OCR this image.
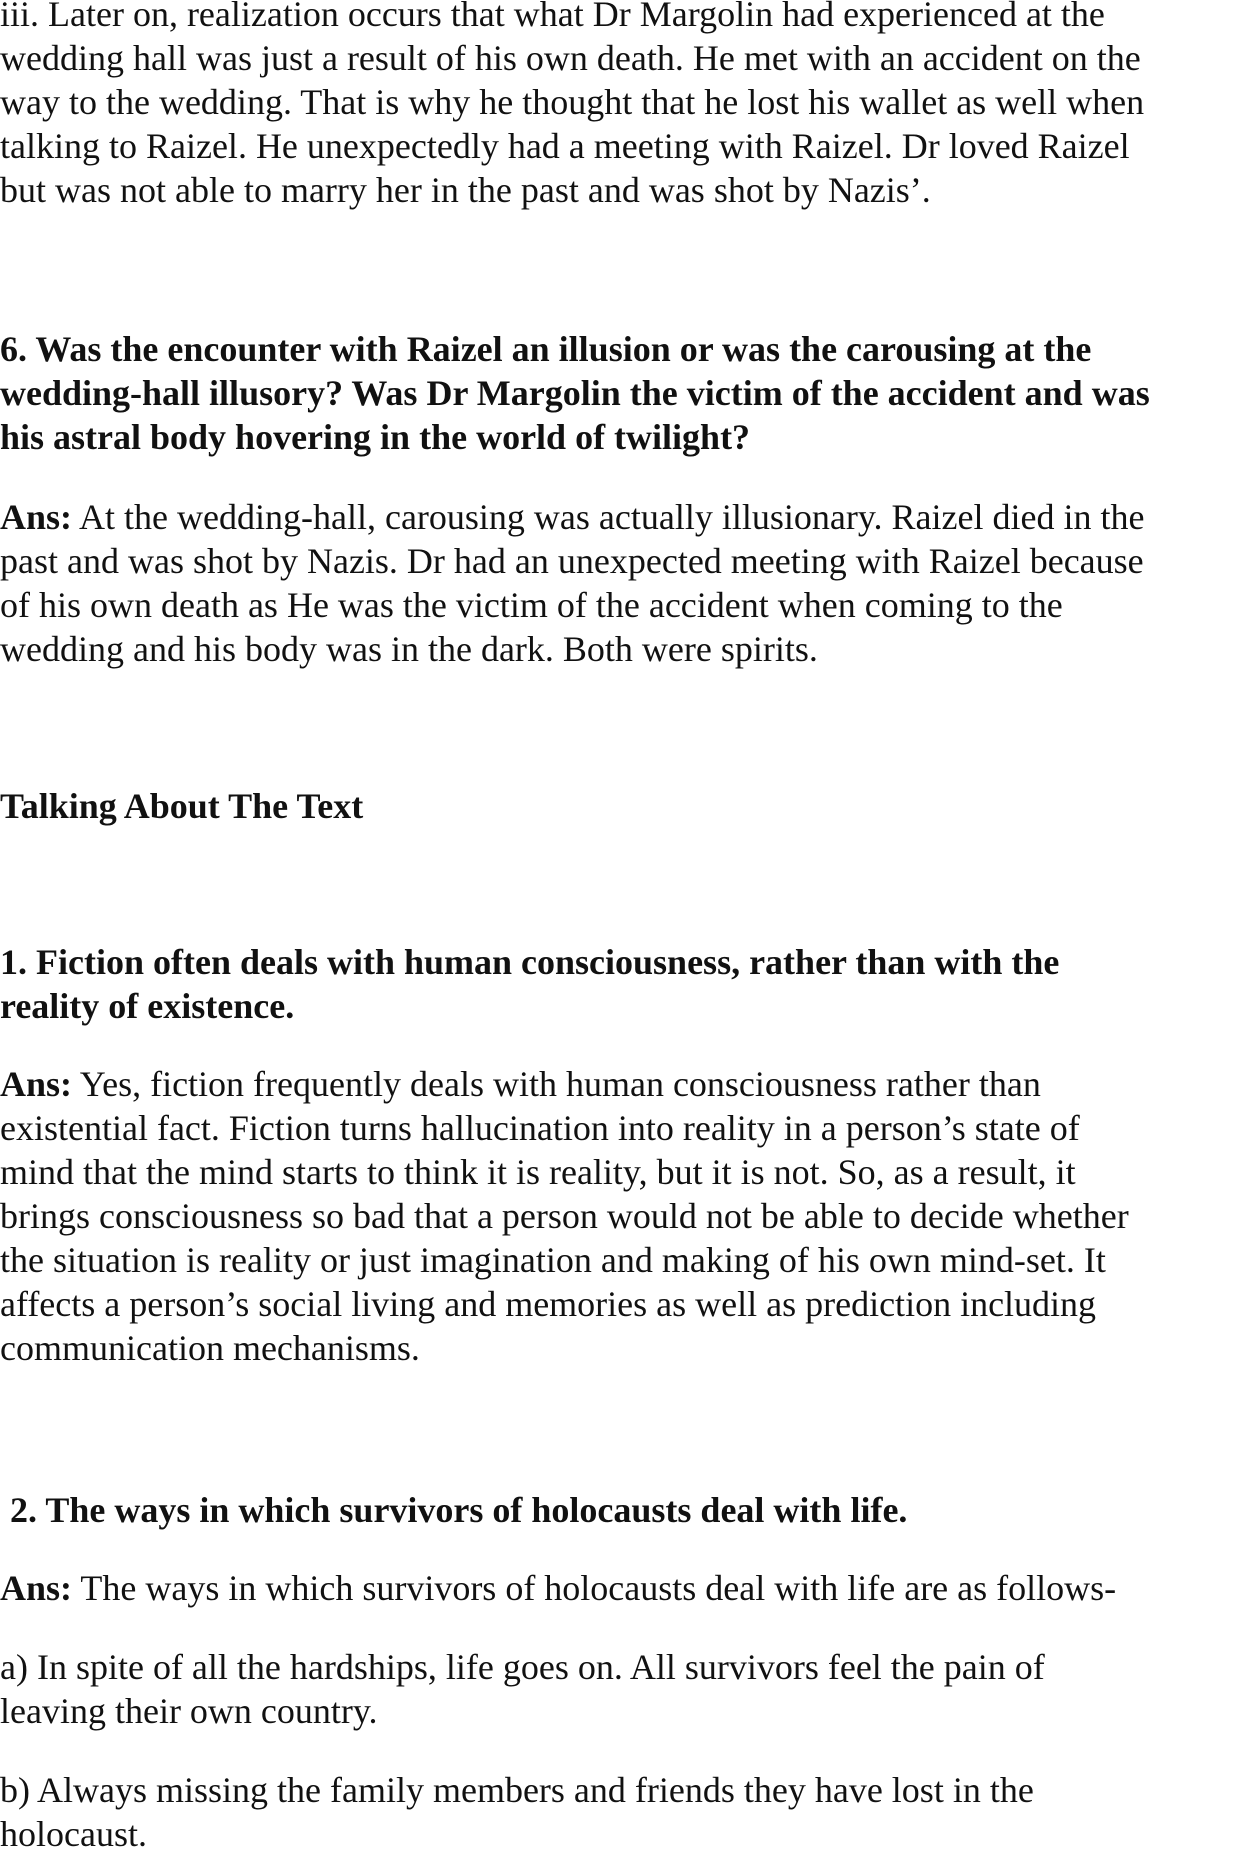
iii. Later on, realization occurs that what Dr Margolin had experienced at the
wedding hall was just a result of his own death. He met with an accident on the
way to the wedding. That is why he thought that he lost his wallet as well when
talking to Raizel. He unexpectedly had a meeting with Raizel. Dr loved Raizel
but was not able to marry her in the past and was shot by Nazis’.
6. Was the encounter with Raizel an illusion or was the carousing at the
wedding-hall illusory? Was Dr Margolin the victim of the accident and was
his astral body hovering in the world of twilight?
Ans: At the wedding-hall, carousing was actually illusionary. Raizel died in the
past and was shot by Nazis. Dr had an unexpected meeting with Raizel because
of his own death as He was the victim of the accident when coming to the
wedding and his body was in the dark. Both were spirits.
Talking About The Text
1. Fiction often deals with human consciousness, rather than with the
reality of existence.
Ans: Yes, fiction frequently deals with human consciousness rather than
existential fact. Fiction turns hallucination into reality in a person’s state of
mind that the mind starts to think it is reality, but it is not. So, as a result, it
brings consciousness so bad that a person would not be able to decide whether
the situation is reality or just imagination and making of his own mind-set. It
affects a person’s social living and memories as well as prediction including
communication mechanisms.
2. The ways in which survivors of holocausts deal with life.
Ans: The ways in which survivors of holocausts deal with life are as follows-
a) In spite of all the hardships, life goes on. All survivors feel the pain of
leaving their own country.
b) Always missing the family members and friends they have lost in the
holocaust.
